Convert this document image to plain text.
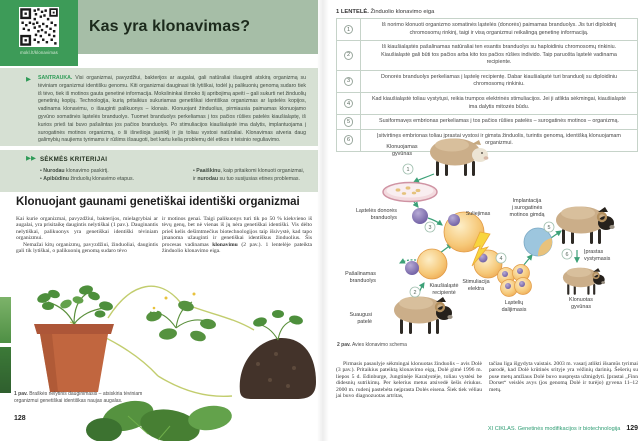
mokl.lt/klonavimas
Kas yra klonavimas?
▶ SANTRAUKA. Visi organizmai, pavyzdžiui, bakterijos ar augalai, gali natūraliai išauginti atskirą organizmą su tėviniam organizmui identišku genomu. Kiti organizmai dauginasi tik lytiškai, todėl jų palikuonių genomą sudaro tiek iš tėvo, tiek iš motinos gauta genetinė informacija. Mokslininkai išmoko šį apribojimą apeiti – gali sukurti net žinduolių genetinių kopijų. Technologija, kurią pritaikius sukuriamas genetiškai identiškas organizmas ar ląstelės kopijos, vadinama klonavimu, o išauginti palikuonys – klonais. Klonuojant žinduolius, pirmiausia paimamas klonuojamo gyvūno somatinės ląstelės branduolys. Tuomet branduolys perkeliamas į tos pačios rūšies patelės kiaušialąstę, iš kurios prieš tai buvo pašalintas jos pačios branduolys. Po stimuliacijos kiaušialąstė ima dalytis, implantuojama į surogatinės motinos organizmą, o ši išnešioja jauniklį ir jis toliau vystosi natūraliai. Klonavimas atveria daug galimybių naujiems tyrimams ir rūšims išsaugoti, bet kartu kelia problemų dėl etikos ir teisinio reguliavimo.

▶▶ SĖKMĖS KRITERIJAI
• Nurodau klonavimo paskirtį.
• Apibūdinu žinduolių klonavimo etapus.
• Paaiškinu, kaip pritaikomi klonuoti organizmai, ir nurodau su tuo susijusias etines problemas.
Klonuojant gaunami genetiškai identiški organizmai

Kai kurie organizmai, pavyzdžiui, bakterijos, mielagrybiai ar augalai, yra prisitaikę daugintis nelytiškai (1 pav.). Dauginantis nelytiškai, palikuonys yra genetiškai identiški tėviniam organizmui.

Nemažai kitų organizmų, pavyzdžiui, žinduoliai, daugintis gali tik lytiškai, o palikuonių genomą sudaro tėvo

ir motinos genai. Taigi palikuonys turi tik po 50 % kiekvieno iš tėvų genų, bet nė vienas iš jų nėra genetiškai identiški. Vis dėlto prieš kelis dešimtmečius biotechnologijos taip išsivystė, kad tapo įmanoma užauginti ir genetiškai identiškus žinduolius. Šis procesas vadinamas klonavimu (2 pav.). 1 lentelėje pateikta žinduolio klonavimo eiga.

1 pav. Braškės nelytinis dauginimasis – atsiskiria tėviniam organizmui genetiškai identiškas naujas augalas.
128
1 LENTELĖ. Žinduolio klonavimo eiga
1
Iš norimo klonuoti organizmo somatinės ląstelės (donorės) paimamas branduolys. Jis turi diploidinį chromosomų rinkinį, taigi ir visą organizmui reikalingą genetinę informaciją.
2
Iš kiaušialąstės pašalinamas natūraliai ten esantis branduolys su haploidiniu chromosomų rinkiniu. Kiaušialąstė gali būti tos pačios arba kito tos pačios rūšies individo. Taip paruošta ląstelė vadinama recipiente.
3
Donorės branduolys perkeliamas į ląstelę recipientę. Dabar kiaušialąstė turi branduolį su diploidiniu chromosomų rinkiniu.
4
Kad kiaušialąstė toliau vystytųsi, reikia trumpos elektrinės stimuliacijos. Jei ji atlikta sėkmingai, kiaušialąstė ima dalytis mitozės būdu.
5	Susiformavęs embrionas perkeliamas į tos pačios rūšies patelės – surogatinės motinos – organizmą.
6
Įsitvirtinęs embrionas toliau įprastai vystosi ir gimsta žinduolis, turintis genomą, identišką klonuojamam organizmui.
1
2
3
4
5
6
Klonuojamas
gyvūnas
Ląstelės donorės
branduolys
Suliejimas
Pašalinamas
branduolys
Kiaušialąstė
recipientė
Stimuliacija
elektra
Suaugusi
patelė
Ląstelių
dalijimasis
Implantacija
į surogatinės
motinos gimdą
Įprastas
vystymasis
Klonuotas
gyvūnas
2 pav. Avies klonavimo schema

Pirmasis pasaulyje sėkmingai klonuotas žinduolis – avis Dolė (3 pav.). Pritaikius pateiktą klonavimo eigą, Dolė gimė 1996 m. liepos 5 d. Edinburge, Jungtinėje Karalystėje, toliau vystėsi be didesnių sutrikimų. Per kelerius metus atsivedė šešis ėriukus. 2000 m. rudenį pastebėta neįprasta Dolės eisena. Šiek tiek vėliau jai buvo diagnozuotas artritas,

tačiau liga išgydyta vaistais. 2003 m. vasarį atlikti išsamūs tyrimai parodė, kad Dolė krūtinės srityje yra vėžinių darinių. Šešerių su puse metų amžiaus Dolė buvo nuspręsta užmigdyti. Įprastai „Finn Dorset“ veislės avys (jos genomą Dolė ir turėjo) gyvena 11–12 metų.

XI CIKLAS. Genetinės modifikacijos ir biotechnologija 129
